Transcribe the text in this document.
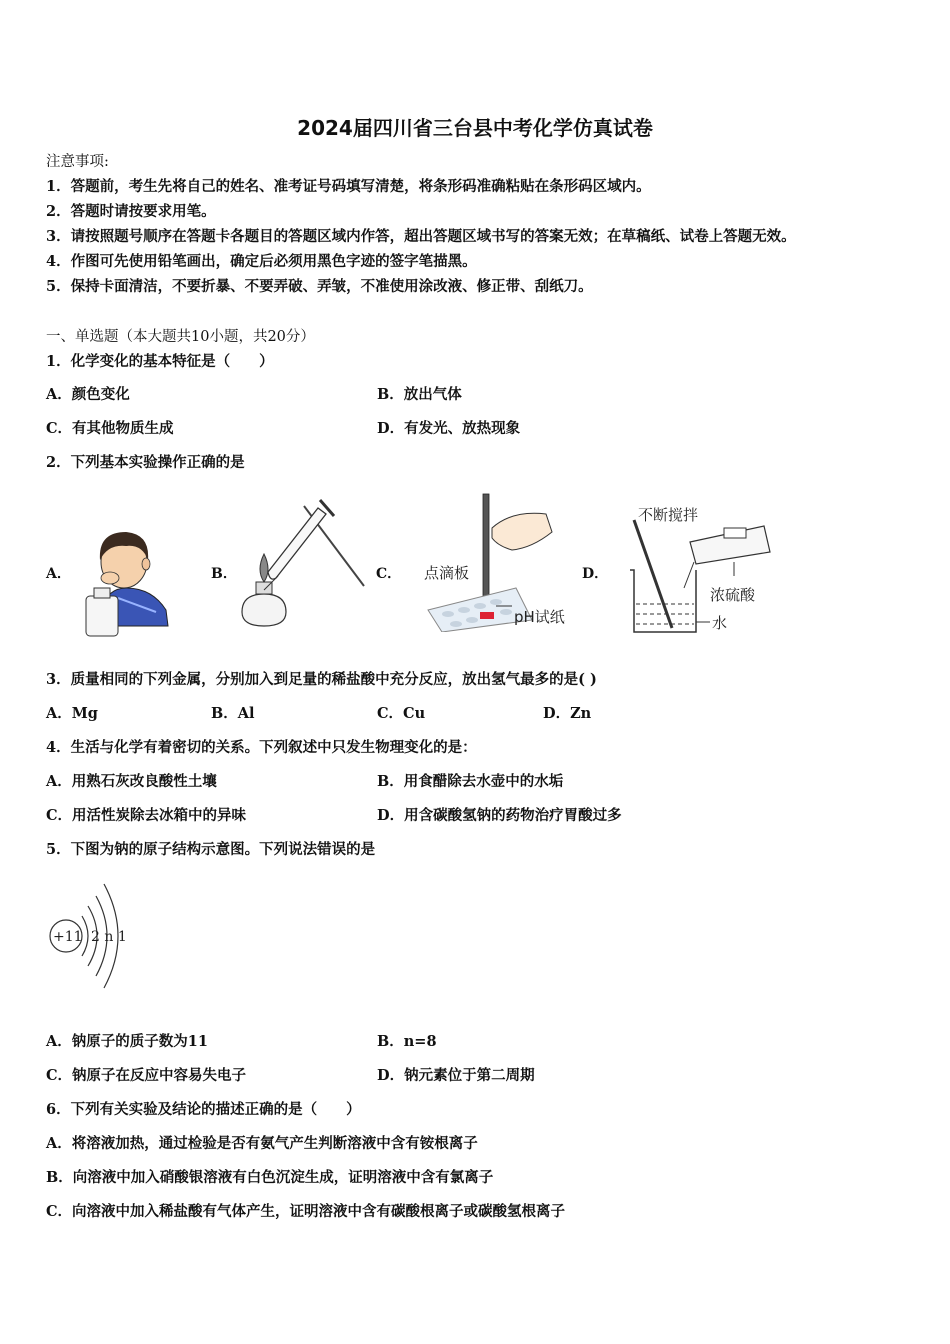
2024届四川省三台县中考化学仿真试卷
注意事项:
1．答题前，考生先将自己的姓名、准考证号码填写清楚，将条形码准确粘贴在条形码区域内。
2．答题时请按要求用笔。
3．请按照题号顺序在答题卡各题目的答题区域内作答，超出答题区域书写的答案无效；在草稿纸、试卷上答题无效。
4．作图可先使用铅笔画出，确定后必须用黑色字迹的签字笔描黑。
5．保持卡面清洁，不要折暴、不要弄破、弄皱，不准使用涂改液、修正带、刮纸刀。
一、单选题（本大题共10小题，共20分）
1．化学变化的基本特征是（　　）
A．颜色变化	B．放出气体
C．有其他物质生成	D．有发光、放热现象
2．下列基本实验操作正确的是
A．	B．	C． 点滴板
pH试纸
D．
不断搅拌
浓硫酸
水
3．质量相同的下列金属，分别加入到足量的稀盐酸中充分反应，放出氢气最多的是( )
A．Mg	B．Al	C．Cu	D．Zn
4．生活与化学有着密切的关系。下列叙述中只发生物理变化的是：
A．用熟石灰改良酸性土壤	B．用食醋除去水壶中的水垢
C．用活性炭除去冰箱中的异味	D．用含碳酸氢钠的药物治疗胃酸过多
5．下图为钠的原子结构示意图。下列说法错误的是
+11 2 n 1
A．钠原子的质子数为11	B．n=8
C．钠原子在反应中容易失电子	D．钠元素位于第二周期
6．下列有关实验及结论的描述正确的是（　　）
A．将溶液加热，通过检验是否有氨气产生判断溶液中含有铵根离子
B．向溶液中加入硝酸银溶液有白色沉淀生成，证明溶液中含有氯离子
C．向溶液中加入稀盐酸有气体产生，证明溶液中含有碳酸根离子或碳酸氢根离子
